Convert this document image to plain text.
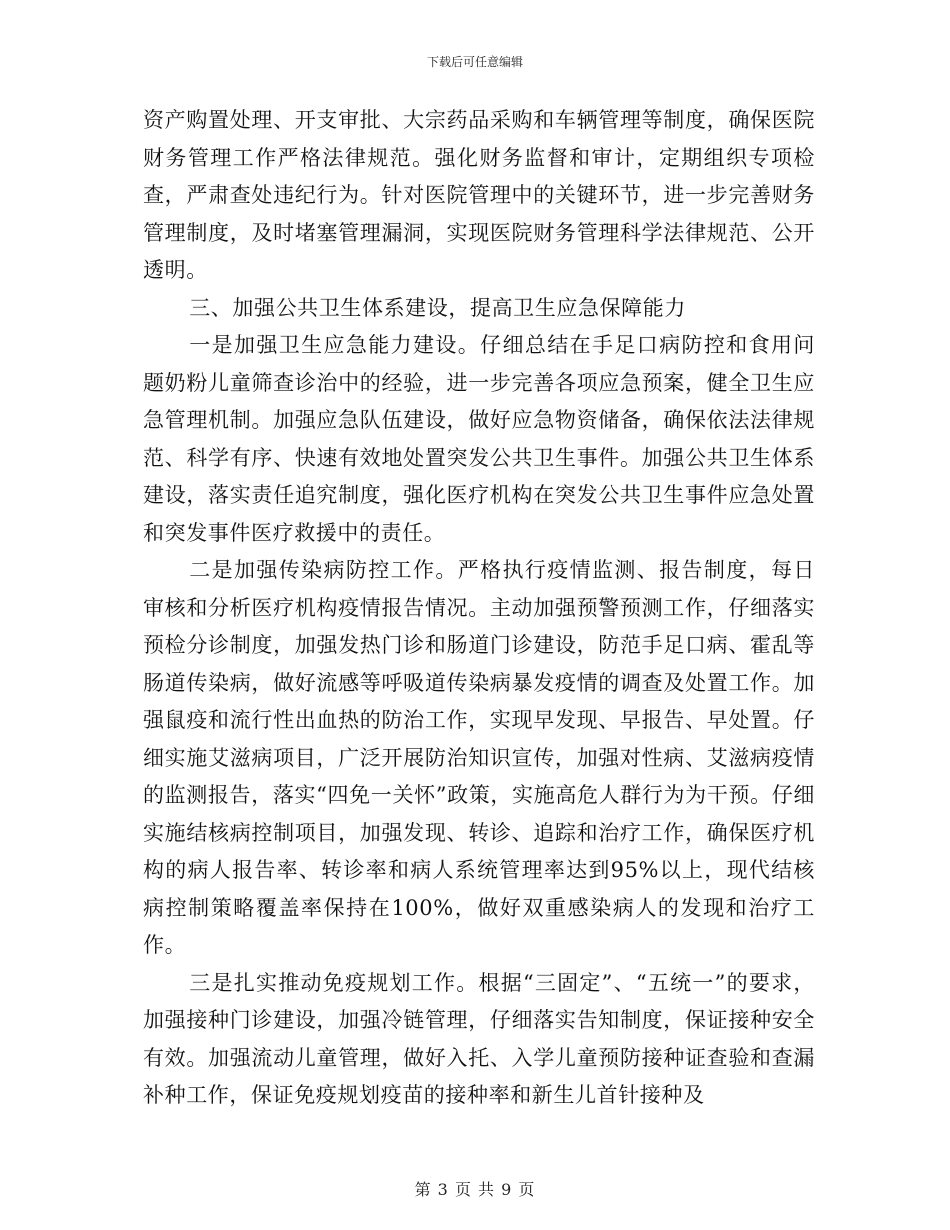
下载后可任意编辑

资产购置处理、开支审批、大宗药品采购和车辆管理等制度，确保医院财务管理工作严格法律规范。强化财务监督和审计，定期组织专项检查，严肃查处违纪行为。针对医院管理中的关键环节，进一步完善财务管理制度，及时堵塞管理漏洞，实现医院财务管理科学法律规范、公开透明。

三、加强公共卫生体系建设，提高卫生应急保障能力

一是加强卫生应急能力建设。仔细总结在手足口病防控和食用问题奶粉儿童筛查诊治中的经验，进一步完善各项应急预案，健全卫生应急管理机制。加强应急队伍建设，做好应急物资储备，确保依法法律规范、科学有序、快速有效地处置突发公共卫生事件。加强公共卫生体系建设，落实责任追究制度，强化医疗机构在突发公共卫生事件应急处置和突发事件医疗救援中的责任。

二是加强传染病防控工作。严格执行疫情监测、报告制度，每日审核和分析医疗机构疫情报告情况。主动加强预警预测工作，仔细落实预检分诊制度，加强发热门诊和肠道门诊建设，防范手足口病、霍乱等肠道传染病，做好流感等呼吸道传染病暴发疫情的调查及处置工作。加强鼠疫和流行性出血热的防治工作，实现早发现、早报告、早处置。仔细实施艾滋病项目，广泛开展防治知识宣传，加强对性病、艾滋病疫情的监测报告，落实“四免一关怀”政策，实施高危人群行为为干预。仔细实施结核病控制项目，加强发现、转诊、追踪和治疗工作，确保医疗机构的病人报告率、转诊率和病人系统管理率达到95%以上，现代结核病控制策略覆盖率保持在100%，做好双重感染病人的发现和治疗工作。

三是扎实推动免疫规划工作。根据“三固定”、“五统一”的要求，加强接种门诊建设，加强冷链管理，仔细落实告知制度，保证接种安全有效。加强流动儿童管理，做好入托、入学儿童预防接种证查验和查漏补种工作，保证免疫规划疫苗的接种率和新生儿首针接种及

第 3 页 共 9 页
